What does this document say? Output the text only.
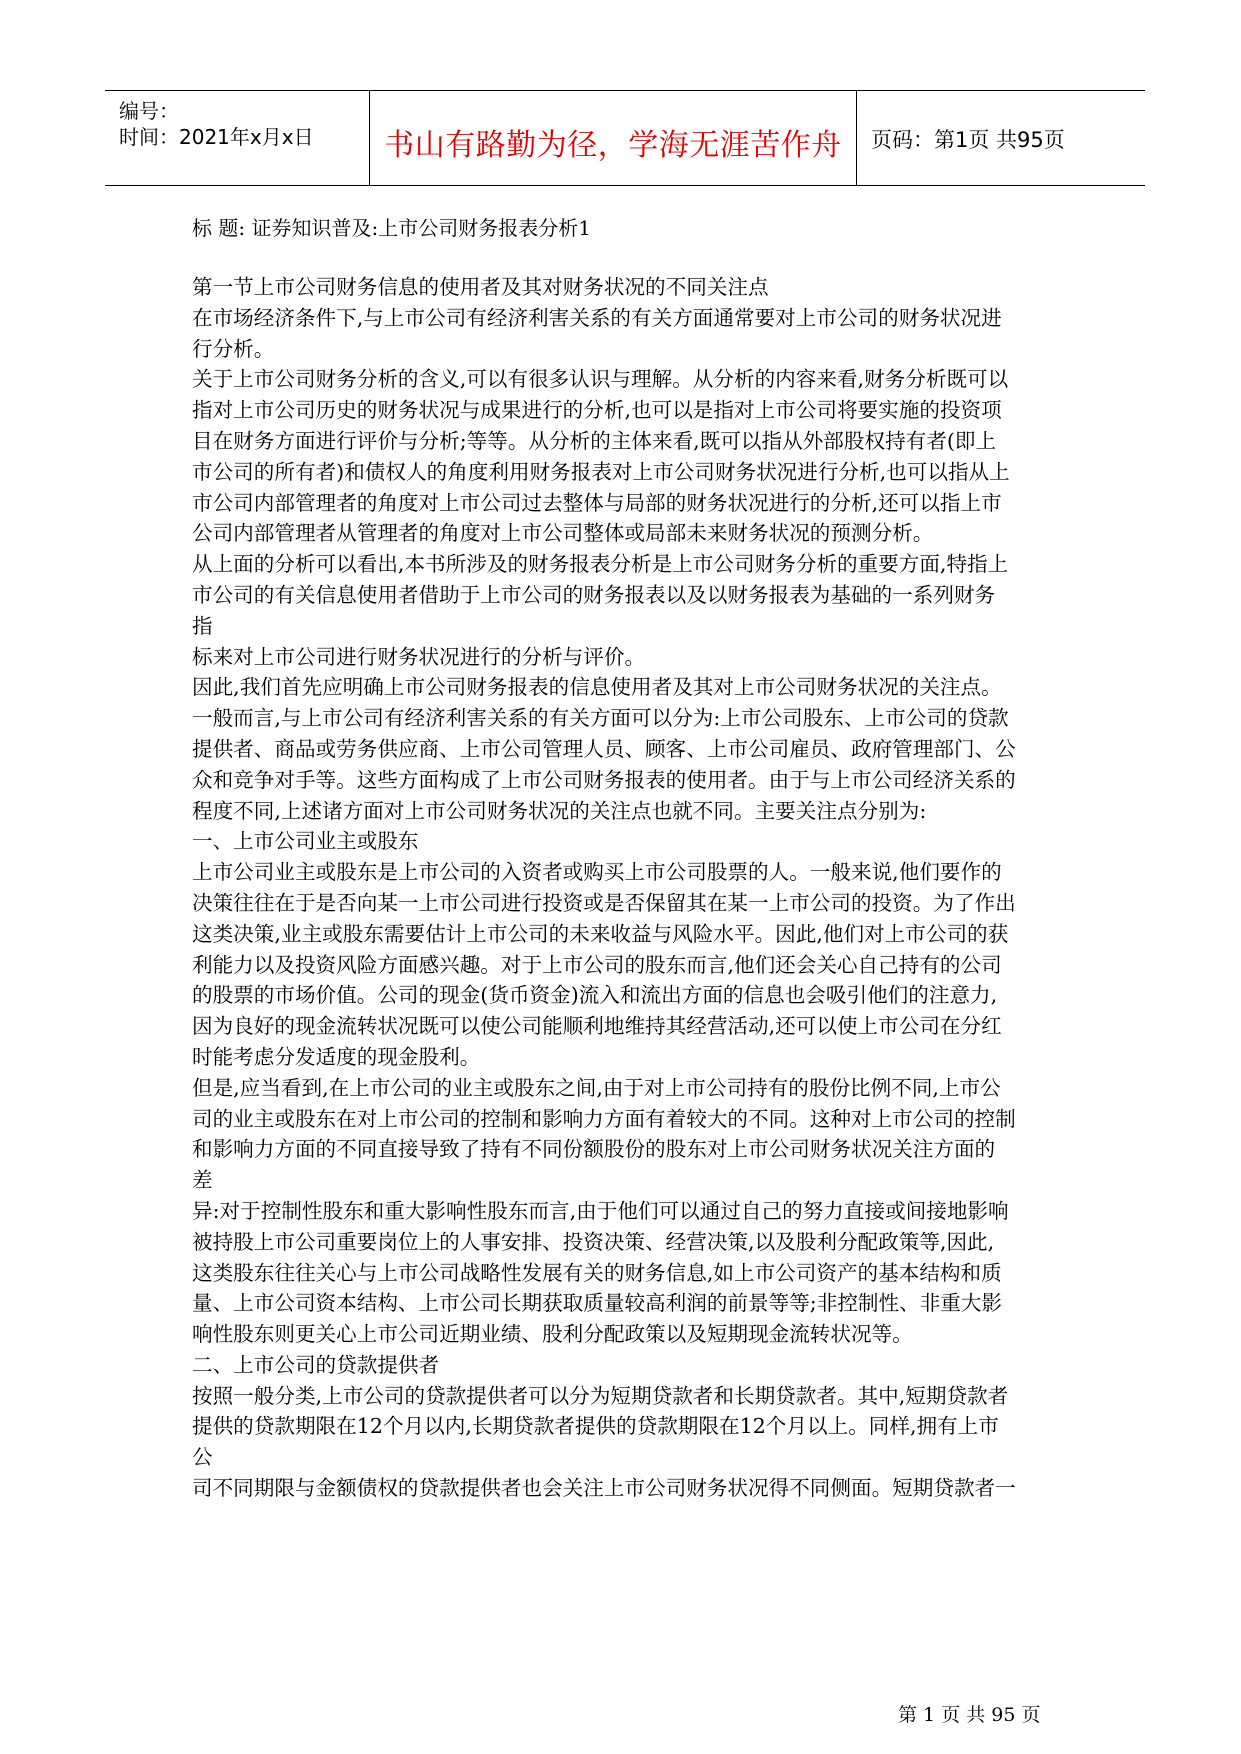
编号：
时间：2021年x月x日	书山有路勤为径，学海无涯苦作舟	页码：第1页 共95页
标 题: 证券知识普及:上市公司财务报表分析1
第一节上市公司财务信息的使用者及其对财务状况的不同关注点
在市场经济条件下,与上市公司有经济利害关系的有关方面通常要对上市公司的财务状况进
行分析。
关于上市公司财务分析的含义,可以有很多认识与理解。从分析的内容来看,财务分析既可以
指对上市公司历史的财务状况与成果进行的分析,也可以是指对上市公司将要实施的投资项
目在财务方面进行评价与分析;等等。从分析的主体来看,既可以指从外部股权持有者(即上
市公司的所有者)和债权人的角度利用财务报表对上市公司财务状况进行分析,也可以指从上
市公司内部管理者的角度对上市公司过去整体与局部的财务状况进行的分析,还可以指上市
公司内部管理者从管理者的角度对上市公司整体或局部未来财务状况的预测分析。
从上面的分析可以看出,本书所涉及的财务报表分析是上市公司财务分析的重要方面,特指上
市公司的有关信息使用者借助于上市公司的财务报表以及以财务报表为基础的一系列财务
指
标来对上市公司进行财务状况进行的分析与评价。
因此,我们首先应明确上市公司财务报表的信息使用者及其对上市公司财务状况的关注点。
一般而言,与上市公司有经济利害关系的有关方面可以分为:上市公司股东、上市公司的贷款
提供者、商品或劳务供应商、上市公司管理人员、顾客、上市公司雇员、政府管理部门、公
众和竞争对手等。这些方面构成了上市公司财务报表的使用者。由于与上市公司经济关系的
程度不同,上述诸方面对上市公司财务状况的关注点也就不同。主要关注点分别为:
一、上市公司业主或股东
上市公司业主或股东是上市公司的入资者或购买上市公司股票的人。一般来说,他们要作的
决策往往在于是否向某一上市公司进行投资或是否保留其在某一上市公司的投资。为了作出
这类决策,业主或股东需要估计上市公司的未来收益与风险水平。因此,他们对上市公司的获
利能力以及投资风险方面感兴趣。对于上市公司的股东而言,他们还会关心自己持有的公司
的股票的市场价值。公司的现金(货币资金)流入和流出方面的信息也会吸引他们的注意力,
因为良好的现金流转状况既可以使公司能顺利地维持其经营活动,还可以使上市公司在分红
时能考虑分发适度的现金股利。
但是,应当看到,在上市公司的业主或股东之间,由于对上市公司持有的股份比例不同,上市公
司的业主或股东在对上市公司的控制和影响力方面有着较大的不同。这种对上市公司的控制
和影响力方面的不同直接导致了持有不同份额股份的股东对上市公司财务状况关注方面的
差
异:对于控制性股东和重大影响性股东而言,由于他们可以通过自己的努力直接或间接地影响
被持股上市公司重要岗位上的人事安排、投资决策、经营决策,以及股利分配政策等,因此,
这类股东往往关心与上市公司战略性发展有关的财务信息,如上市公司资产的基本结构和质
量、上市公司资本结构、上市公司长期获取质量较高利润的前景等等;非控制性、非重大影
响性股东则更关心上市公司近期业绩、股利分配政策以及短期现金流转状况等。
二、上市公司的贷款提供者
按照一般分类,上市公司的贷款提供者可以分为短期贷款者和长期贷款者。其中,短期贷款者
提供的贷款期限在12个月以内,长期贷款者提供的贷款期限在12个月以上。同样,拥有上市
公
司不同期限与金额债权的贷款提供者也会关注上市公司财务状况得不同侧面。短期贷款者一
第 1 页 共 95 页
